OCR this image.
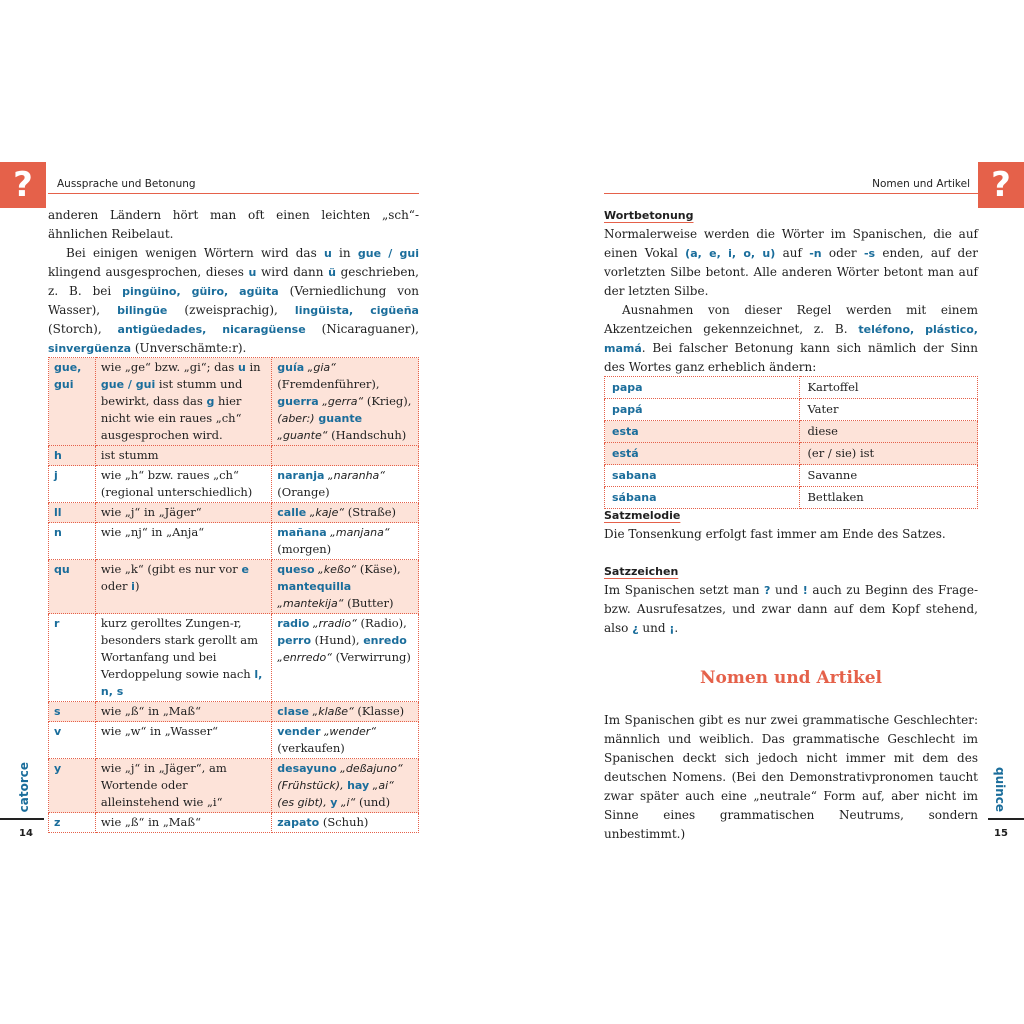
?	Aussprache und Betonung

anderen Ländern hört man oft einen leichten „sch“-ähnlichen Reibelaut.

Bei einigen wenigen Wörtern wird das u in gue / gui klingend ausgesprochen, dieses u wird dann ü geschrieben, z. B. bei pingüino, güiro, agüita (Verniedlichung von Wasser), bilingüe (zweisprachig), lingüista, cigüeña (Storch), antigüedades, nicaragüense (Nicaraguaner), sinvergüenza (Unverschämte:r).

gue, gui	wie „ge“ bzw. „gi“; das u in gue / gui ist stumm und bewirkt, dass das g hier nicht wie ein raues „ch“ ausgesprochen wird.	guía „gia“ (Fremdenführer), guerra „gerra“ (Krieg), (aber:) guante „guante“ (Handschuh)
h	ist stumm	
j	wie „h“ bzw. raues „ch“ (regional unterschiedlich)	naranja „naranha“ (Orange)
ll	wie „j“ in „Jäger“	calle „kaje“ (Straße)
n	wie „nj“ in „Anja“	mañana „manjana“ (morgen)
qu	wie „k“ (gibt es nur vor e oder i)	queso „keßo“ (Käse), mantequilla „mantekija“ (Butter)
r	kurz gerolltes Zungen-r, besonders stark gerollt am Wortanfang und bei Verdoppelung sowie nach l, n, s	radio „rradio“ (Radio), perro (Hund), enredo „enrredo“ (Verwirrung)
s	wie „ß“ in „Maß“	clase „klaße“ (Klasse)
v	wie „w“ in „Wasser“	vender „wender“ (verkaufen)
y	wie „j“ in „Jäger“, am Wortende oder alleinstehend wie „i“	desayuno „deßajuno“ (Frühstück), hay „ai“ (es gibt), y „i“ (und)
z	wie „ß“ in „Maß“	zapato (Schuh)
catorce
14
?
Nomen und Artikel

Wortbetonung

Normalerweise werden die Wörter im Spanischen, die auf einen Vokal (a, e, i, o, u) auf -n oder -s enden, auf der vorletzten Silbe betont. Alle anderen Wörter betont man auf der letzten Silbe.

Ausnahmen von dieser Regel werden mit einem Akzentzeichen gekennzeichnet, z. B. teléfono, plástico, mamá. Bei falscher Betonung kann sich nämlich der Sinn des Wortes ganz erheblich ändern:

papa	Kartoffel
papá	Vater
esta	diese
está	(er / sie) ist
sabana	Savanne
sábana	Bettlaken

Satzmelodie

Die Tonsenkung erfolgt fast immer am Ende des Satzes.

Satzzeichen

Im Spanischen setzt man ? und ! auch zu Beginn des Frage- bzw. Ausrufesatzes, und zwar dann auf dem Kopf stehend, also ¿ und ¡.

Nomen und Artikel

Im Spanischen gibt es nur zwei grammatische Geschlechter: männlich und weiblich. Das grammatische Geschlecht im Spanischen deckt sich jedoch nicht immer mit dem des deutschen Nomens. (Bei den Demonstrativpronomen taucht zwar später auch eine „neutrale“ Form auf, aber nicht im Sinne eines grammatischen Neutrums, sondern unbestimmt.)

quince
15
